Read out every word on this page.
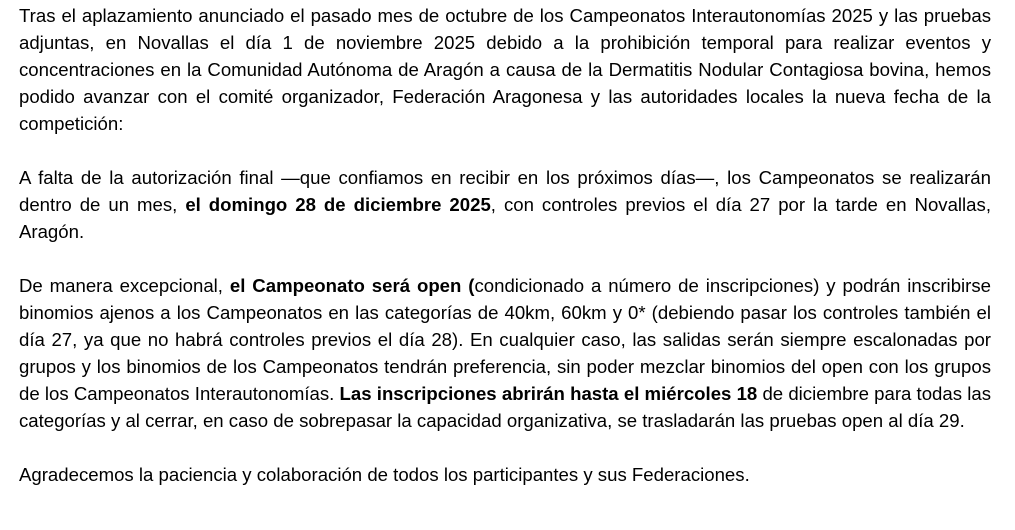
Tras el aplazamiento anunciado el pasado mes de octubre de los Campeonatos Interautonomías 2025 y las pruebas adjuntas, en Novallas el día 1 de noviembre 2025 debido a la prohibición temporal para realizar eventos y concentraciones en la Comunidad Autónoma de Aragón a causa de la Dermatitis Nodular Contagiosa bovina, hemos podido avanzar con el comité organizador, Federación Aragonesa y las autoridades locales la nueva fecha de la competición:

A falta de la autorización final —que confiamos en recibir en los próximos días—, los Campeonatos se realizarán dentro de un mes, el domingo 28 de diciembre 2025, con controles previos el día 27 por la tarde en Novallas, Aragón.

De manera excepcional, el Campeonato será open (condicionado a número de inscripciones) y podrán inscribirse binomios ajenos a los Campeonatos en las categorías de 40km, 60km y 0* (debiendo pasar los controles también el día 27, ya que no habrá controles previos el día 28). En cualquier caso, las salidas serán siempre escalonadas por grupos y los binomios de los Campeonatos tendrán preferencia, sin poder mezclar binomios del open con los grupos de los Campeonatos Interautonomías. Las inscripciones abrirán hasta el miércoles 18 de diciembre para todas las categorías y al cerrar, en caso de sobrepasar la capacidad organizativa, se trasladarán las pruebas open al día 29.

Agradecemos la paciencia y colaboración de todos los participantes y sus Federaciones.
